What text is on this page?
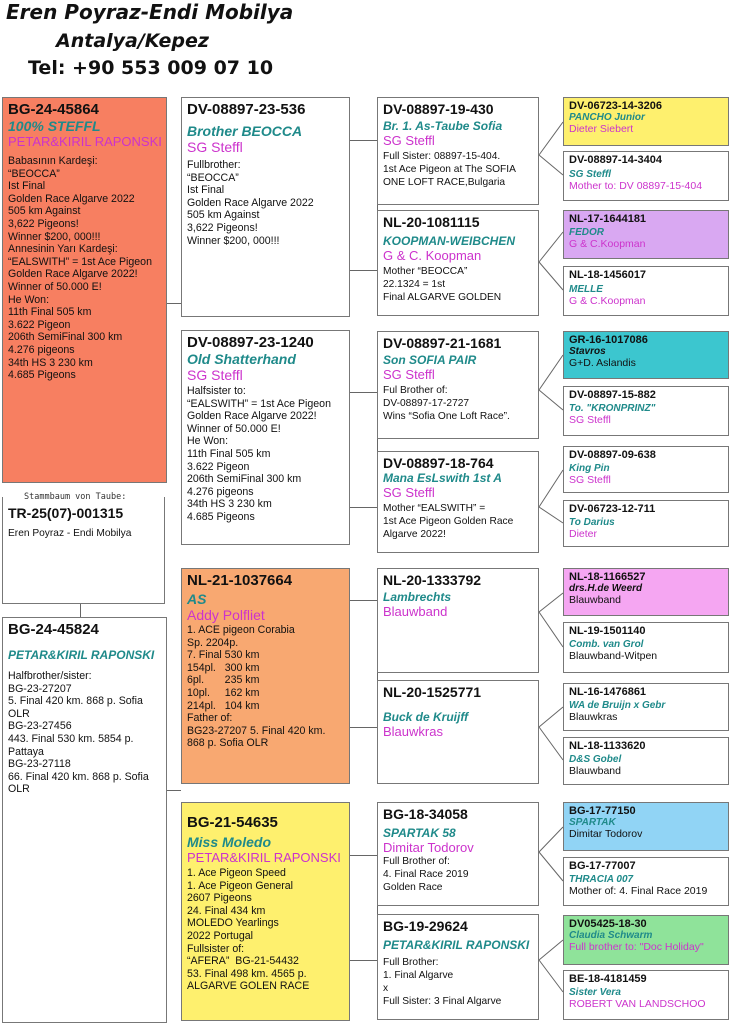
Eren Poyraz-Endi Mobilya
Antalya/Kepez
Tel: +90 553 009 07 10
TR-25(07)-001315
Eren Poyraz - Endi Mobilya
Stammbaum von Taube:
BG-24-45864
100% STEFFL
PETAR&KIRIL RAPONSKI
Babasının Kardeşi:
“BEOCCA”
Ist Final
Golden Race Algarve 2022
505 km Against
3,622 Pigeons!
Winner $200, 000!!!
Annesinin Yarı Kardeşi:
“EALSWITH” = 1st Ace Pigeon
Golden Race Algarve 2022!
Winner of 50.000 E!
He Won:
11th Final 505 km
3.622 Pigeon
206th SemiFinal 300 km
4.276 pigeons
34th HS 3 230 km
4.685 Pigeons
BG-24-45824
PETAR&KIRIL RAPONSKI
Halfbrother/sister:
BG-23-27207
5. Final 420 km. 868 p. Sofia OLR
BG-23-27456
443. Final 530 km. 5854 p. Pattaya
BG-23-27118
66. Final 420 km. 868 p. Sofia OLR
DV-08897-23-536
Brother BEOCCA
SG Steffl
Fullbrother:
“BEOCCA”
Ist Final
Golden Race Algarve 2022
505 km Against
3,622 Pigeons!
Winner $200, 000!!!
DV-08897-23-1240
Old Shatterhand
SG Steffl
Halfsister to:
“EALSWITH” = 1st Ace Pigeon
Golden Race Algarve 2022!
Winner of 50.000 E!
He Won:
11th Final 505 km
3.622 Pigeon
206th SemiFinal 300 km
4.276 pigeons
34th HS 3 230 km
4.685 Pigeons
NL-21-1037664
AS
Addy Polfliet
1. ACE pigeon Corabia
Sp. 2204p.
7. Final 530 km
154pl.   300 km
6pl.       235 km
10pl.     162 km
214pl.   104 km
Father of:
BG23-27207 5. Final 420 km.
868 p. Sofia OLR
BG-21-54635
Miss Moledo
PETAR&KIRIL RAPONSKI
1. Ace Pigeon Speed
1. Ace Pigeon General
2607 Pigeons
24. Final 434 km
MOLEDO Yearlings
2022 Portugal
Fullsister of:
“AFERA”  BG-21-54432
53. Final 498 km. 4565 p.
ALGARVE GOLEN RACE
DV-08897-19-430
Br. 1. As-Taube Sofia
SG Steffl
Full Sister: 08897-15-404.
1st Ace Pigeon at The SOFIA
ONE LOFT RACE,Bulgaria
NL-20-1081115
KOOPMAN-WEIBCHEN
G & C. Koopman
Mother “BEOCCA”
22.1324 = 1st
Final ALGARVE GOLDEN
DV-08897-21-1681
Son SOFIA PAIR
SG Steffl
Ful Brother of:
DV-08897-17-2727
Wins “Sofia One Loft Race”.
DV-08897-18-764
Mana EsLswith 1st A
SG Steffl
Mother “EALSWITH” =
1st Ace Pigeon Golden Race
Algarve 2022!
NL-20-1333792
Lambrechts
Blauwband
NL-20-1525771
Buck de Kruijff
Blauwkras
BG-18-34058
SPARTAK 58
Dimitar Todorov
Full Brother of:
4. Final Race 2019
Golden Race
BG-19-29624
PETAR&KIRIL RAPONSKI
Full Brother:
1. Final Algarve
x
Full Sister: 3 Final Algarve
DV-06723-14-3206
PANCHO Junior
Dieter Siebert
DV-08897-14-3404
SG Steffl
Mother to: DV 08897-15-404
NL-17-1644181
FEDOR
G & C.Koopman
NL-18-1456017
MELLE
G & C.Koopman
GR-16-1017086
Stavros
G+D. Aslandis
DV-08897-15-882
To. "KRONPRINZ"
SG Steffl
DV-08897-09-638
King Pin
SG Steffl
DV-06723-12-711
To Darius
Dieter
NL-18-1166527
drs.H.de Weerd
Blauwband
NL-19-1501140
Comb. van Grol
Blauwband-Witpen
NL-16-1476861
WA de Bruijn x Gebr
Blauwkras
NL-18-1133620
D&S Gobel
Blauwband
BG-17-77150
SPARTAK
Dimitar Todorov
BG-17-77007
THRACIA 007
Mother of: 4. Final Race 2019
DV05425-18-30
Claudia Schwarm
Full brother to: "Doc Holiday"
BE-18-4181459
Sister Vera
ROBERT VAN LANDSCHOO
